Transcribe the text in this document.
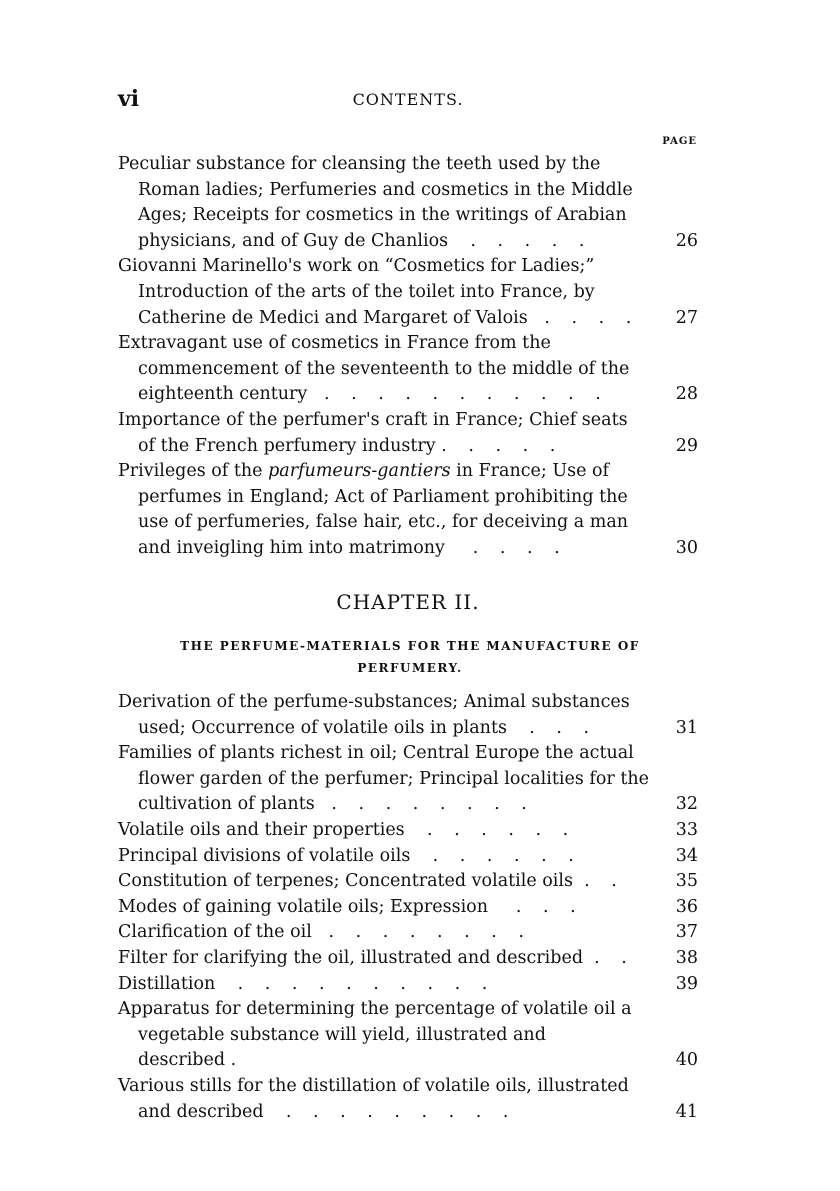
vi	CONTENTS.
PAGE
Peculiar substance for cleansing the teeth used by the Roman ladies; Perfumeries and cosmetics in the Middle Ages; Receipts for cosmetics in the writings of Arabian physicians, and of Guy de Chanlios . . . . .	26
Giovanni Marinello's work on “Cosmetics for Ladies;” Introduction of the arts of the toilet into France, by Catherine de Medici and Margaret of Valois . . . . 27
Extravagant use of cosmetics in France from the commencement of the seventeenth to the middle of the eighteenth century . . . . . . . . . . .	28
Importance of the perfumer's craft in France; Chief seats of the French perfumery industry . . . . .	29
Privileges of the parfumeurs-gantiers in France; Use of perfumes in England; Act of Parliament prohibiting the use of perfumeries, false hair, etc., for deceiving a man and inveigling him into matrimony . . . .	30
CHAPTER II.
THE PERFUME-MATERIALS FOR THE MANUFACTURE OF PERFUMERY.
Derivation of the perfume-substances; Animal substances used; Occurrence of volatile oils in plants . . .	31
Families of plants richest in oil; Central Europe the actual flower garden of the perfumer; Principal localities for the cultivation of plants . . . . . . . .	32
Volatile oils and their properties . . . . . .	33
Principal divisions of volatile oils . . . . . .	34
Constitution of terpenes; Concentrated volatile oils . .	35
Modes of gaining volatile oils; Expression . . .	36
Clarification of the oil . . . . . . . .	37
Filter for clarifying the oil, illustrated and described . . 38
Distillation . . . . . . . . . .	39
Apparatus for determining the percentage of volatile oil a vegetable substance will yield, illustrated and described .	40
Various stills for the distillation of volatile oils, illustrated and described . . . . . . . . .	41
